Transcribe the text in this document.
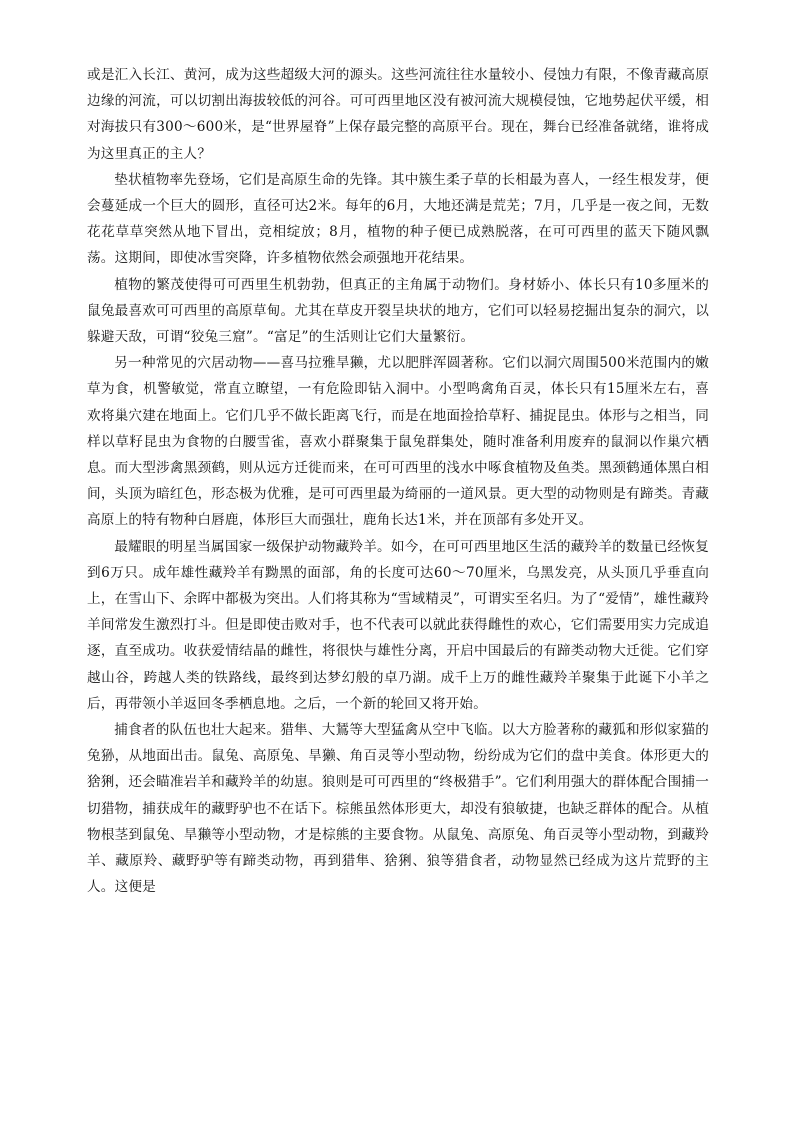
或是汇入长江、黄河，成为这些超级大河的源头。这些河流往往水量较小、侵蚀力有限，不像青藏高原边缘的河流，可以切割出海拔较低的河谷。可可西里地区没有被河流大规模侵蚀，它地势起伏平缓，相对海拔只有300～600米，是“世界屋脊”上保存最完整的高原平台。现在，舞台已经准备就绪，谁将成为这里真正的主人？

垫状植物率先登场，它们是高原生命的先锋。其中簇生柔子草的长相最为喜人，一经生根发芽，便会蔓延成一个巨大的圆形，直径可达2米。每年的6月，大地还满是荒芜；7月，几乎是一夜之间，无数花花草草突然从地下冒出，竞相绽放；8月，植物的种子便已成熟脱落，在可可西里的蓝天下随风飘荡。这期间，即使冰雪突降，许多植物依然会顽强地开花结果。

植物的繁茂使得可可西里生机勃勃，但真正的主角属于动物们。身材娇小、体长只有10多厘米的鼠兔最喜欢可可西里的高原草甸。尤其在草皮开裂呈块状的地方，它们可以轻易挖掘出复杂的洞穴，以躲避天敌，可谓“狡兔三窟”。“富足”的生活则让它们大量繁衍。

另一种常见的穴居动物——喜马拉雅旱獭，尤以肥胖浑圆著称。它们以洞穴周围500米范围内的嫩草为食，机警敏觉，常直立瞭望，一有危险即钻入洞中。小型鸣禽角百灵，体长只有15厘米左右，喜欢将巢穴建在地面上。它们几乎不做长距离飞行，而是在地面捡拾草籽、捕捉昆虫。体形与之相当，同样以草籽昆虫为食物的白腰雪雀，喜欢小群聚集于鼠兔群集处，随时准备利用废弃的鼠洞以作巢穴栖息。而大型涉禽黑颈鹤，则从远方迁徙而来，在可可西里的浅水中啄食植物及鱼类。黑颈鹤通体黑白相间，头顶为暗红色，形态极为优雅，是可可西里最为绮丽的一道风景。更大型的动物则是有蹄类。青藏高原上的特有物种白唇鹿，体形巨大而强壮，鹿角长达1米，并在顶部有多处开叉。

最耀眼的明星当属国家一级保护动物藏羚羊。如今，在可可西里地区生活的藏羚羊的数量已经恢复到6万只。成年雄性藏羚羊有黝黑的面部，角的长度可达60～70厘米，乌黑发亮，从头顶几乎垂直向上，在雪山下、余晖中都极为突出。人们将其称为“雪域精灵”，可谓实至名归。为了“爱情”，雄性藏羚羊间常发生激烈打斗。但是即使击败对手，也不代表可以就此获得雌性的欢心，它们需要用实力完成追逐，直至成功。收获爱情结晶的雌性，将很快与雄性分离，开启中国最后的有蹄类动物大迁徙。它们穿越山谷，跨越人类的铁路线，最终到达梦幻般的卓乃湖。成千上万的雌性藏羚羊聚集于此诞下小羊之后，再带领小羊返回冬季栖息地。之后，一个新的轮回又将开始。

捕食者的队伍也壮大起来。猎隼、大鵟等大型猛禽从空中飞临。以大方脸著称的藏狐和形似家猫的兔狲，从地面出击。鼠兔、高原兔、旱獭、角百灵等小型动物，纷纷成为它们的盘中美食。体形更大的猞猁，还会瞄准岩羊和藏羚羊的幼崽。狼则是可可西里的“终极猎手”。它们利用强大的群体配合围捕一切猎物，捕获成年的藏野驴也不在话下。棕熊虽然体形更大，却没有狼敏捷，也缺乏群体的配合。从植物根茎到鼠兔、旱獭等小型动物，才是棕熊的主要食物。从鼠兔、高原兔、角百灵等小型动物，到藏羚羊、藏原羚、藏野驴等有蹄类动物，再到猎隼、猞猁、狼等猎食者，动物显然已经成为这片荒野的主人。这便是
